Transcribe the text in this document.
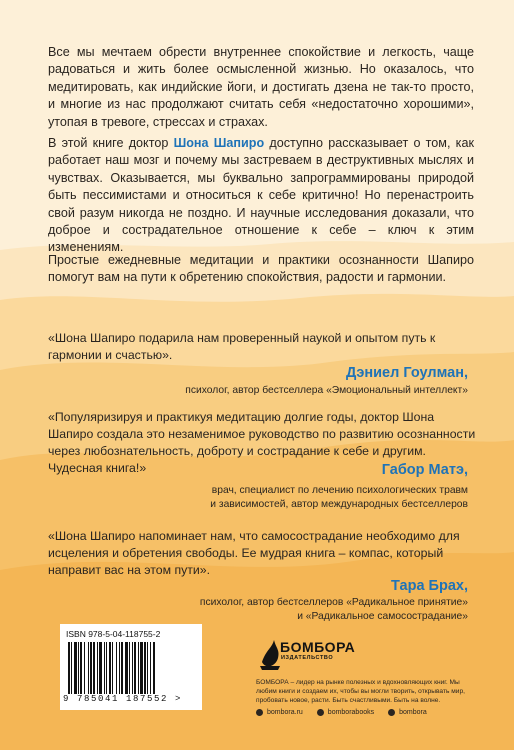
Все мы мечтаем обрести внутреннее спокойствие и легкость, чаще радоваться и жить более осмысленной жизнью. Но оказалось, что медитировать, как индийские йоги, и достигать дзена не так-то просто, и многие из нас продолжают считать себя «недостаточно хорошими», утопая в тревоге, стрессах и страхах.

В этой книге доктор Шона Шапиро доступно рассказывает о том, как работает наш мозг и почему мы застреваем в деструктивных мыслях и чувствах. Оказывается, мы буквально запрограммированы природой быть пессимистами и относиться к себе критично! Но перенастроить свой разум никогда не поздно. И научные исследования доказали, что доброе и сострадательное отношение к себе – ключ к этим изменениям.

Простые ежедневные медитации и практики осознанности Шапиро помогут вам на пути к обретению спокойствия, радости и гармонии.

«Шона Шапиро подарила нам проверенный наукой и опытом путь к гармонии и счастью».

Дэниел Гоулман,
психолог, автор бестселлера «Эмоциональный интеллект»

«Популяризируя и практикуя медитацию долгие годы, доктор Шона Шапиро создала это незаменимое руководство по развитию осознанности через любознательность, доброту и сострадание к себе и другим. Чудесная книга!»	Габор Матэ,
врач, специалист по лечению психологических травм
и зависимостей, автор международных бестселлеров

«Шона Шапиро напоминает нам, что самосострадание необходимо для исцеления и обретения свободы. Ее мудрая книга – компас, который направит вас на этом пути».

Тара Брах,
психолог, автор бестселлеров «Радикальное принятие»
и «Радикальное самосострадание»
ISBN 978-5-04-118755-2
9 785041 187552 >
БОМБОРА
ИЗДАТЕЛЬСТВО
БОМБОРА – лидер на рынке полезных и вдохновляющих книг. Мы любим книги и создаем их, чтобы вы могли творить, открывать мир, пробовать новое, расти. Быть счастливыми. Быть на волне.
bombora.ru	bomborabooks	bombora
